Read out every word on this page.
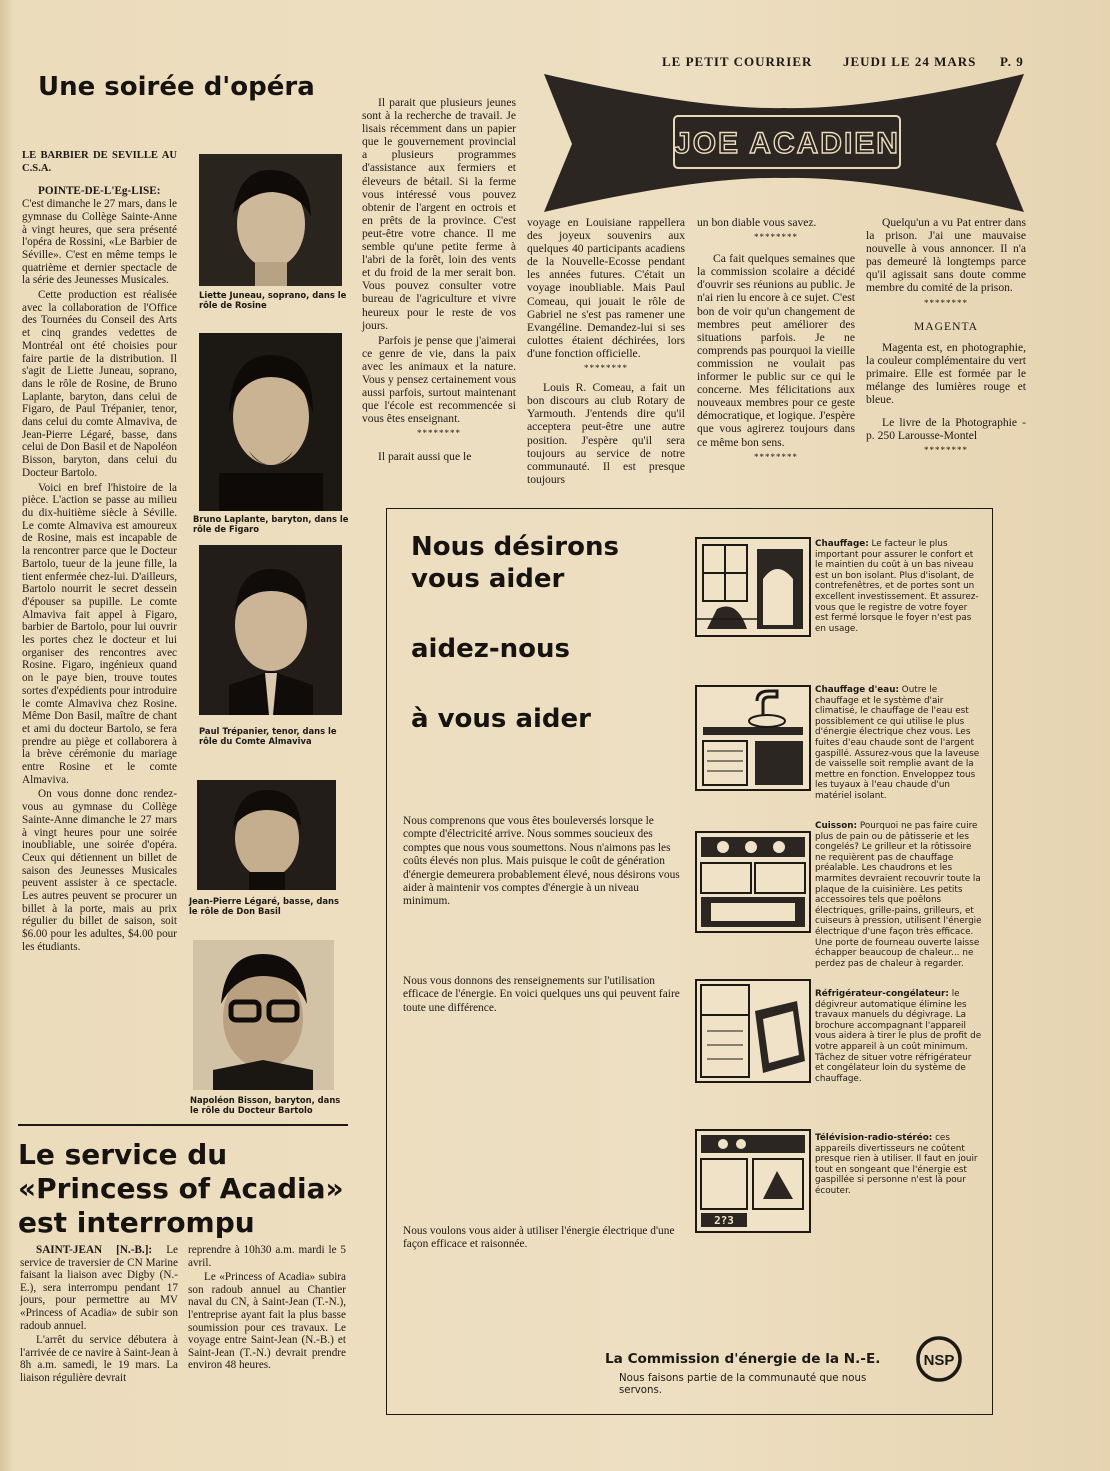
LE PETIT COURRIER JEUDI LE 24 MARS P. 9
Une soirée d'opéra

LE BARBIER DE SEVILLE AU C.S.A.

POINTE-DE-L'Eg-LISE: C'est dimanche le 27 mars, dans le gymnase du Collège Sainte-Anne à vingt heures, que sera présenté l'opéra de Rossini, «Le Barbier de Séville». C'est en même temps le quatrième et dernier spectacle de la série des Jeunesses Musicales.

Cette production est réalisée avec la collaboration de l'Office des Tournées du Conseil des Arts et cinq grandes vedettes de Montréal ont été choisies pour faire partie de la distribution. Il s'agit de Liette Juneau, soprano, dans le rôle de Rosine, de Bruno Laplante, baryton, dans celui de Figaro, de Paul Trépanier, tenor, dans celui du comte Almaviva, de Jean-Pierre Légaré, basse, dans celui de Don Basil et de Napoléon Bisson, baryton, dans celui du Docteur Bartolo.

Voici en bref l'histoire de la pièce. L'action se passe au milieu du dix-huitième siècle à Séville. Le comte Almaviva est amoureux de Rosine, mais est incapable de la rencontrer parce que le Docteur Bartolo, tueur de la jeune fille, la tient enfermée chez-lui. D'ailleurs, Bartolo nourrit le secret dessein d'épouser sa pupille. Le comte Almaviva fait appel à Figaro, barbier de Bartolo, pour lui ouvrir les portes chez le docteur et lui organiser des rencontres avec Rosine. Figaro, ingénieux quand on le paye bien, trouve toutes sortes d'expédients pour introduire le comte Almaviva chez Rosine. Même Don Basil, maître de chant et ami du docteur Bartolo, se fera prendre au piège et collaborera à la brève cérémonie du mariage entre Rosine et le comte Almaviva.

On vous donne donc rendez-vous au gymnase du Collège Sainte-Anne dimanche le 27 mars à vingt heures pour une soirée inoubliable, une soirée d'opéra. Ceux qui détiennent un billet de saison des Jeunesses Musicales peuvent assister à ce spectacle. Les autres peuvent se procurer un billet à la porte, mais au prix régulier du billet de saison, soit $6.00 pour les adultes, $4.00 pour les étudiants.

Liette Juneau, soprano, dans le rôle de Rosine
Bruno Laplante, baryton, dans le rôle de Figaro
Paul Trépanier, tenor, dans le rôle du Comte Almaviva
Jean-Pierre Légaré, basse, dans le rôle de Don Basil
Napoléon Bisson, baryton, dans le rôle du Docteur Bartolo
Le service du
«Princess of Acadia»
est interrompu

SAINT-JEAN [N.-B.]: Le service de traversier de CN Marine faisant la liaison avec Digby (N.-E.), sera interrompu pendant 17 jours, pour permettre au MV «Princess of Acadia» de subir son radoub annuel.

L'arrêt du service débutera à l'arrivée de ce navire à Saint-Jean à 8h a.m. samedi, le 19 mars. La liaison régulière devrait

reprendre à 10h30 a.m. mardi le 5 avril.

Le «Princess of Acadia» subira son radoub annuel au Chantier naval du CN, à Saint-Jean (T.-N.), l'entreprise ayant fait la plus basse soumission pour ces travaux. Le voyage entre Saint-Jean (N.-B.) et Saint-Jean (T.-N.) devrait prendre environ 48 heures.

JOE ACADIEN

Il parait que plusieurs jeunes sont à la recherche de travail. Je lisais récemment dans un papier que le gouvernement provincial a plusieurs programmes d'assistance aux fermiers et éleveurs de bétail. Si la ferme vous intéressé vous pouvez obtenir de l'argent en octrois et en prêts de la province. C'est peut-être votre chance. Il me semble qu'une petite ferme à l'abri de la forêt, loin des vents et du froid de la mer serait bon. Vous pouvez consulter votre bureau de l'agriculture et vivre heureux pour le reste de vos jours.

Parfois je pense que j'aimerai ce genre de vie, dans la paix avec les animaux et la nature. Vous y pensez certainement vous aussi parfois, surtout maintenant que l'école est recommencée si vous êtes enseignant.

********

Il parait aussi que le

voyage en Louisiane rappellera des joyeux souvenirs aux quelques 40 participants acadiens de la Nouvelle-Ecosse pendant les années futures. C'était un voyage inoubliable. Mais Paul Comeau, qui jouait le rôle de Gabriel ne s'est pas ramener une Evangéline. Demandez-lui si ses culottes étaient déchirées, lors d'une fonction officielle.

********

Louis R. Comeau, a fait un bon discours au club Rotary de Yarmouth. J'entends dire qu'il acceptera peut-être une autre position. J'espère qu'il sera toujours au service de notre communauté. Il est presque toujours

un bon diable vous savez.

********

Ca fait quelques semaines que la commission scolaire a décidé d'ouvrir ses réunions au public. Je n'ai rien lu encore à ce sujet. C'est bon de voir qu'un changement de membres peut améliorer des situations parfois. Je ne comprends pas pourquoi la vieille commission ne voulait pas informer le public sur ce qui le concerne. Mes félicitations aux nouveaux membres pour ce geste démocratique, et logique. J'espère que vous agirerez toujours dans ce même bon sens.

********

Quelqu'un a vu Pat entrer dans la prison. J'ai une mauvaise nouvelle à vous annoncer. Il n'a pas demeuré là longtemps parce qu'il agissait sans doute comme membre du comité de la prison.

********

MAGENTA

Magenta est, en photographie, la couleur complémentaire du vert primaire. Elle est formée par le mélange des lumières rouge et bleue.

Le livre de la Photographie - p. 250 Larousse-Montel

********

Nous désirons
vous aider
aidez-nous
à vous aider
Nous comprenons que vous êtes bouleversés lorsque le compte d'électricité arrive. Nous sommes soucieux des comptes que nous vous soumettons. Nous n'aimons pas les coûts élevés non plus. Mais puisque le coût de génération d'énergie demeurera probablement élevé, nous désirons vous aider à maintenir vos comptes d'énergie à un niveau minimum.
Nous vous donnons des renseignements sur l'utilisation efficace de l'énergie. En voici quelques uns qui peuvent faire toute une différence.
Nous voulons vous aider à utiliser l'énergie électrique d'une façon efficace et raisonnée.
2?3
Chauffage: Le facteur le plus important pour assurer le confort et le maintien du coût à un bas niveau est un bon isolant. Plus d'isolant, de contrefenêtres, et de portes sont un excellent investissement. Et assurez-vous que le registre de votre foyer est fermé lorsque le foyer n'est pas en usage.
Chauffage d'eau: Outre le chauffage et le système d'air climatisé, le chauffage de l'eau est possiblement ce qui utilise le plus d'énergie électrique chez vous. Les fuites d'eau chaude sont de l'argent gaspillé. Assurez-vous que la laveuse de vaisselle soit remplie avant de la mettre en fonction. Enveloppez tous les tuyaux à l'eau chaude d'un matériel isolant.
Cuisson: Pourquoi ne pas faire cuire plus de pain ou de pâtisserie et les congelés? Le grilleur et la rôtissoire ne requièrent pas de chauffage préalable. Les chaudrons et les marmites devraient recouvrir toute la plaque de la cuisinière. Les petits accessoires tels que poêlons électriques, grille-pains, grilleurs, et cuiseurs à pression, utilisent l'énergie électrique d'une façon très efficace. Une porte de fourneau ouverte laisse échapper beaucoup de chaleur... ne perdez pas de chaleur à regarder.
Réfrigérateur-congélateur: le dégivreur automatique élimine les travaux manuels du dégivrage. La brochure accompagnant l'appareil vous aidera à tirer le plus de profit de votre appareil à un coût minimum. Tâchez de situer votre réfrigérateur et congélateur loin du système de chauffage.
Télévision-radio-stéréo: ces appareils divertisseurs ne coûtent presque rien à utiliser. Il faut en jouir tout en songeant que l'énergie est gaspillée si personne n'est là pour écouter.
La Commission d'énergie de la N.-E.
Nous faisons partie de la communauté que nous servons.
NSP
